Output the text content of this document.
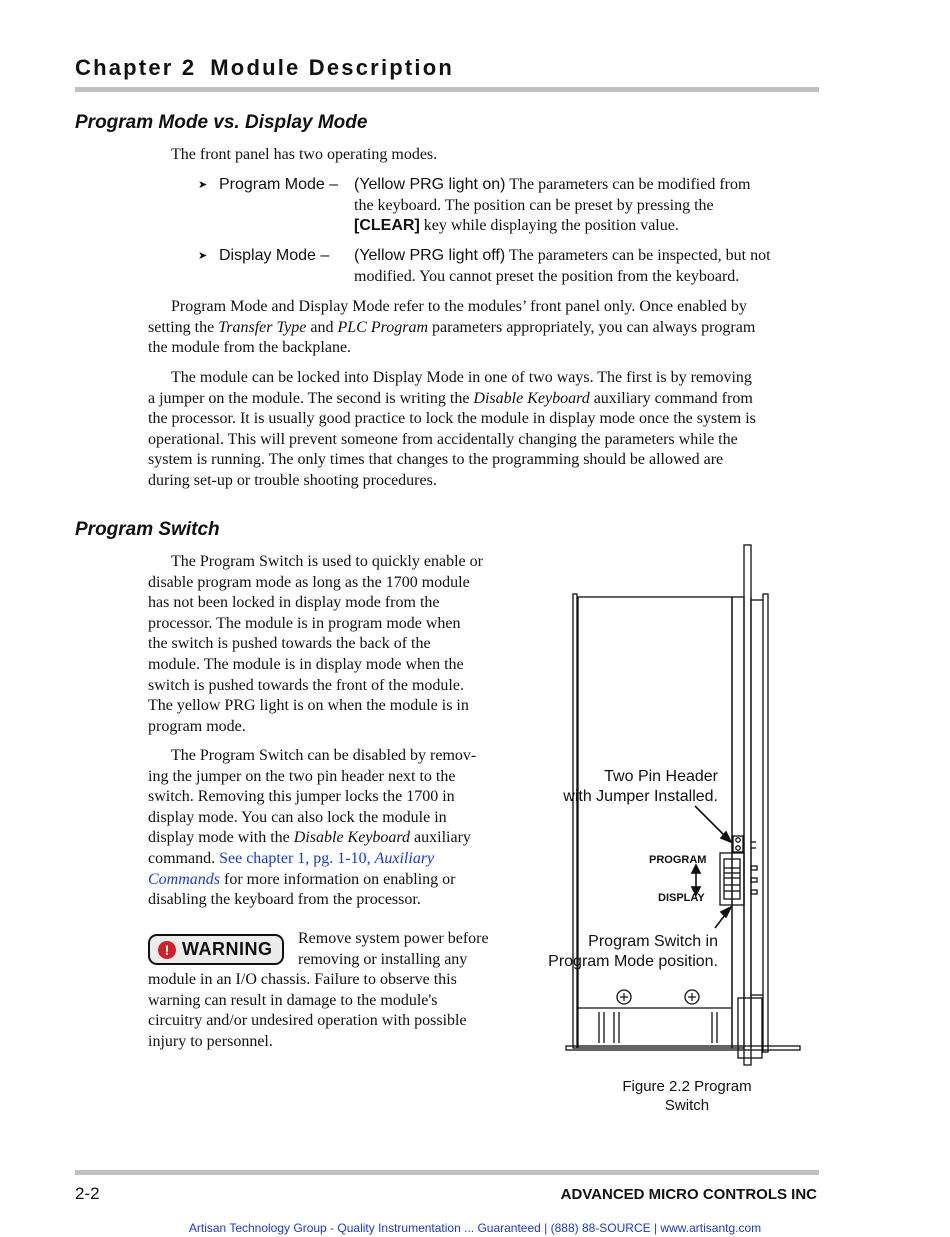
Chapter 2 Module Description
Program Mode vs. Display Mode

The front panel has two operating modes.

➤ Program Mode – (Yellow PRG light on) The parameters can be modified from
the keyboard. The position can be preset by pressing the
[CLEAR] key while displaying the position value.
➤ Display Mode – (Yellow PRG light off) The parameters can be inspected, but not
modified. You cannot preset the position from the keyboard.
Program Mode and Display Mode refer to the modules’ front panel only. Once enabled by
setting the Transfer Type and PLC Program parameters appropriately, you can always program
the module from the backplane.
The module can be locked into Display Mode in one of two ways. The first is by removing
a jumper on the module. The second is writing the Disable Keyboard auxiliary command from
the processor. It is usually good practice to lock the module in display mode once the system is
operational. This will prevent someone from accidentally changing the parameters while the
system is running. The only times that changes to the programming should be allowed are
during set-up or trouble shooting procedures.
Program Switch
The Program Switch is used to quickly enable or
disable program mode as long as the 1700 module
has not been locked in display mode from the
processor. The module is in program mode when
the switch is pushed towards the back of the
module. The module is in display mode when the
switch is pushed towards the front of the module.
The yellow PRG light is on when the module is in
program mode.
The Program Switch can be disabled by remov-
ing the jumper on the two pin header next to the
switch. Removing this jumper locks the 1700 in
display mode. You can also lock the module in
display mode with the Disable Keyboard auxiliary
command. See chapter 1, pg. 1-10, Auxiliary
Commands for more information on enabling or
disabling the keyboard from the processor.
! WARNING
Remove system power before
removing or installing any
module in an I/O chassis. Failure to observe this
warning can result in damage to the module's
circuitry and/or undesired operation with possible
injury to personnel.
Two Pin Header
with Jumper Installed.
PROGRAM
DISPLAY
Program Switch in
Program Mode position.
Figure 2.2 Program
Switch
2-2	ADVANCED MICRO CONTROLS INC
Artisan Technology Group - Quality Instrumentation ... Guaranteed | (888) 88-SOURCE | www.artisantg.com
